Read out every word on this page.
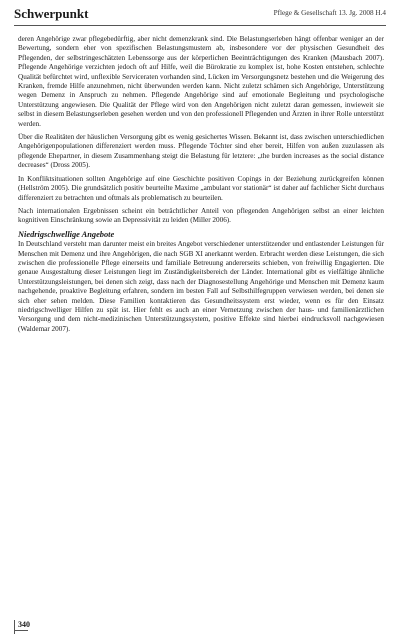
Schwerpunkt	Pflege & Gesellschaft 13. Jg. 2008 H.4

deren Angehörige zwar pflegebedürftig, aber nicht demenzkrank sind. Die Belastungserleben hängt offenbar weniger an der Bewertung, sondern eher von spezifischen Belastungsmustern ab, insbesondere vor der physischen Gesundheit des Pflegenden, der selbstringeschätzten Lebenssorge aus der körperlichen Beeinträchtigungen des Kranken (Mausbach 2007). Pflegende Angehörige verzichten jedoch oft auf Hilfe, weil die Bürokratie zu komplex ist, hohe Kosten entstehen, schlechte Qualität befürchtet wird, unflexible Serviceraten vorhanden sind, Lücken im Versorgungsnetz bestehen und die Weigerung des Kranken, fremde Hilfe anzunehmen, nicht überwunden werden kann. Nicht zuletzt schämen sich Angehörige, Unterstützung wegen Demenz in Anspruch zu nehmen. Pflegende Angehörige sind auf emotionale Begleitung und psychologische Unterstützung angewiesen. Die Qualität der Pflege wird von den Angehörigen nicht zuletzt daran gemessen, inwieweit sie selbst in diesem Belastungserleben gesehen werden und von den professionell Pflegenden und Ärzten in ihrer Rolle unterstützt werden.

Über die Realitäten der häuslichen Versorgung gibt es wenig gesichertes Wissen. Bekannt ist, dass zwischen unterschiedlichen Angehörigenpopulationen differenziert werden muss. Pflegende Töchter sind eher bereit, Hilfen von außen zuzulassen als pflegende Ehepartner, in diesem Zusammenhang steigt die Belastung für letztere: „the burden increases as the social distance decreases“ (Dross 2005).

In Konfliktsituationen sollten Angehörige auf eine Geschichte positiven Copings in der Beziehung zurückgreifen können (Hellström 2005). Die grundsätzlich positiv beurteilte Maxime „ambulant vor stationär“ ist daher auf fachlicher Sicht durchaus differenziert zu betrachten und oftmals als problematisch zu beurteilen.

Nach internationalen Ergebnissen scheint ein beträchtlicher Anteil von pflegenden Angehörigen selbst an einer leichten kognitiven Einschränkung sowie an Depressivität zu leiden (Miller 2006).

Niedrigschwellige Angebote

In Deutschland versteht man darunter meist ein breites Angebot verschiedener unterstützender und entlastender Leistungen für Menschen mit Demenz und ihre Angehörigen, die nach SGB XI anerkannt werden. Erbracht werden diese Leistungen, die sich zwischen die professionelle Pflege einerseits und familiale Betreuung andererseits schieben, von freiwillig Engagierten. Die genaue Ausgestaltung dieser Leistungen liegt im Zuständigkeitsbereich der Länder. International gibt es vielfältige ähnliche Unterstützungsleistungen, bei denen sich zeigt, dass nach der Diagnosestellung Angehörige und Menschen mit Demenz kaum nachgehende, proaktive Begleitung erfahren, sondern im besten Fall auf Selbsthilfegruppen verwiesen werden, bei denen sie sich eher sehen melden. Diese Familien kontaktieren das Gesundheitssystem erst wieder, wenn es für den Einsatz niedrigschwelliger Hilfen zu spät ist. Hier fehlt es auch an einer Vernetzung zwischen der haus- und familienärztlichen Versorgung und dem nicht-medizinischen Unterstützungssystem, positive Effekte sind hierbei eindrucksvoll nachgewiesen (Waldemar 2007).

340
